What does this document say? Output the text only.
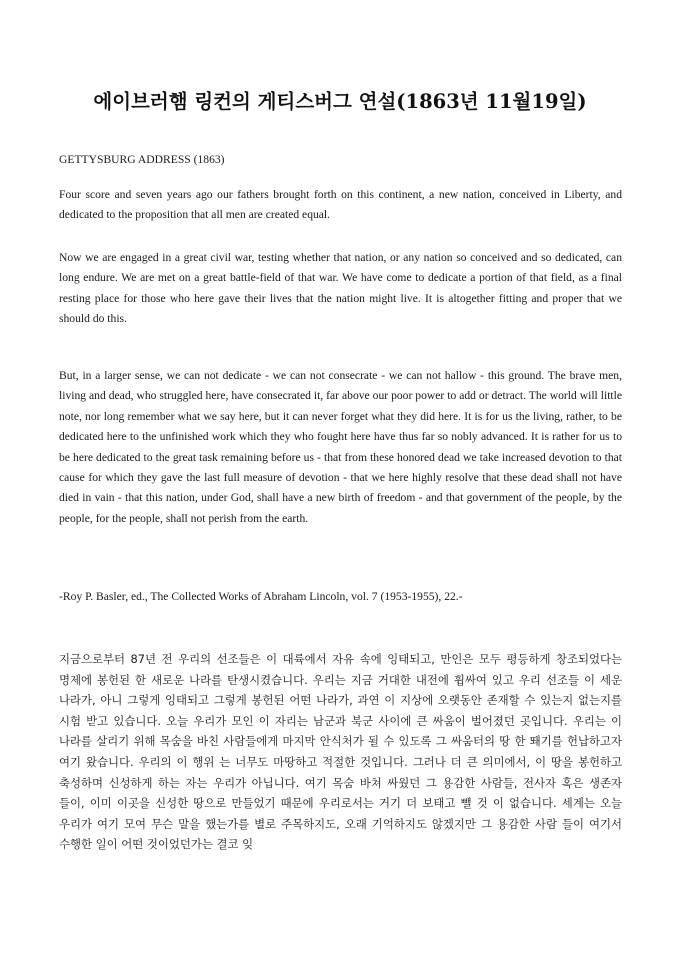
에이브러햄 링컨의 게티스버그 연설(1863년 11월19일)

GETTYSBURG ADDRESS (1863)

Four score and seven years ago our fathers brought forth on this continent, a new nation, conceived in Liberty, and dedicated to the proposition that all men are created equal.

Now we are engaged in a great civil war, testing whether that nation, or any nation so conceived and so dedicated, can long endure. We are met on a great battle-field of that war. We have come to dedicate a portion of that field, as a final resting place for those who here gave their lives that the nation might live. It is altogether fitting and proper that we should do this.

But, in a larger sense, we can not dedicate - we can not consecrate - we can not hallow - this ground. The brave men, living and dead, who struggled here, have consecrated it, far above our poor power to add or detract. The world will little note, nor long remember what we say here, but it can never forget what they did here. It is for us the living, rather, to be dedicated here to the unfinished work which they who fought here have thus far so nobly advanced. It is rather for us to be here dedicated to the great task remaining before us - that from these honored dead we take increased devotion to that cause for which they gave the last full measure of devotion - that we here highly resolve that these dead shall not have died in vain - that this nation, under God, shall have a new birth of freedom - and that government of the people, by the people, for the people, shall not perish from the earth.

-Roy P. Basler, ed., The Collected Works of Abraham Lincoln, vol. 7 (1953-1955), 22.-

지금으로부터 87년 전 우리의 선조들은 이 대륙에서 자유 속에 잉태되고, 만인은 모두 평등하게 창조되었다는 명제에 봉헌된 한 새로운 나라를 탄생시켰습니다. 우리는 지금 거대한 내전에 휩싸여 있고 우리 선조들 이 세운 나라가, 아니 그렇게 잉태되고 그렇게 봉헌된 어떤 나라가, 과연 이 지상에 오랫동안 존재할 수 있는지 없는지를 시험 받고 있습니다. 오늘 우리가 모인 이 자리는 남군과 북군 사이에 큰 싸움이 벌어졌던 곳입니다. 우리는 이 나라를 살리기 위해 목숨을 바친 사람들에게 마지막 안식처가 될 수 있도록 그 싸움터의 땅 한 뙈기를 헌납하고자 여기 왔습니다. 우리의 이 행위 는 너무도 마땅하고 적절한 것입니다. 그러나 더 큰 의미에서, 이 땅을 봉헌하고 축성하며 신성하게 하는 자는 우리가 아닙니다. 여기 목숨 바쳐 싸웠던 그 용감한 사람들, 전사자 혹은 생존자 들이, 이미 이곳을 신성한 땅으로 만들었기 때문에 우리로서는 거기 더 보태고 뺄 것 이 없습니다. 세계는 오늘 우리가 여기 모여 무슨 말을 했는가를 별로 주목하지도, 오래 기억하지도 않겠지만 그 용감한 사람 들이 여기서 수행한 일이 어떤 것이었던가는 결코 잊
